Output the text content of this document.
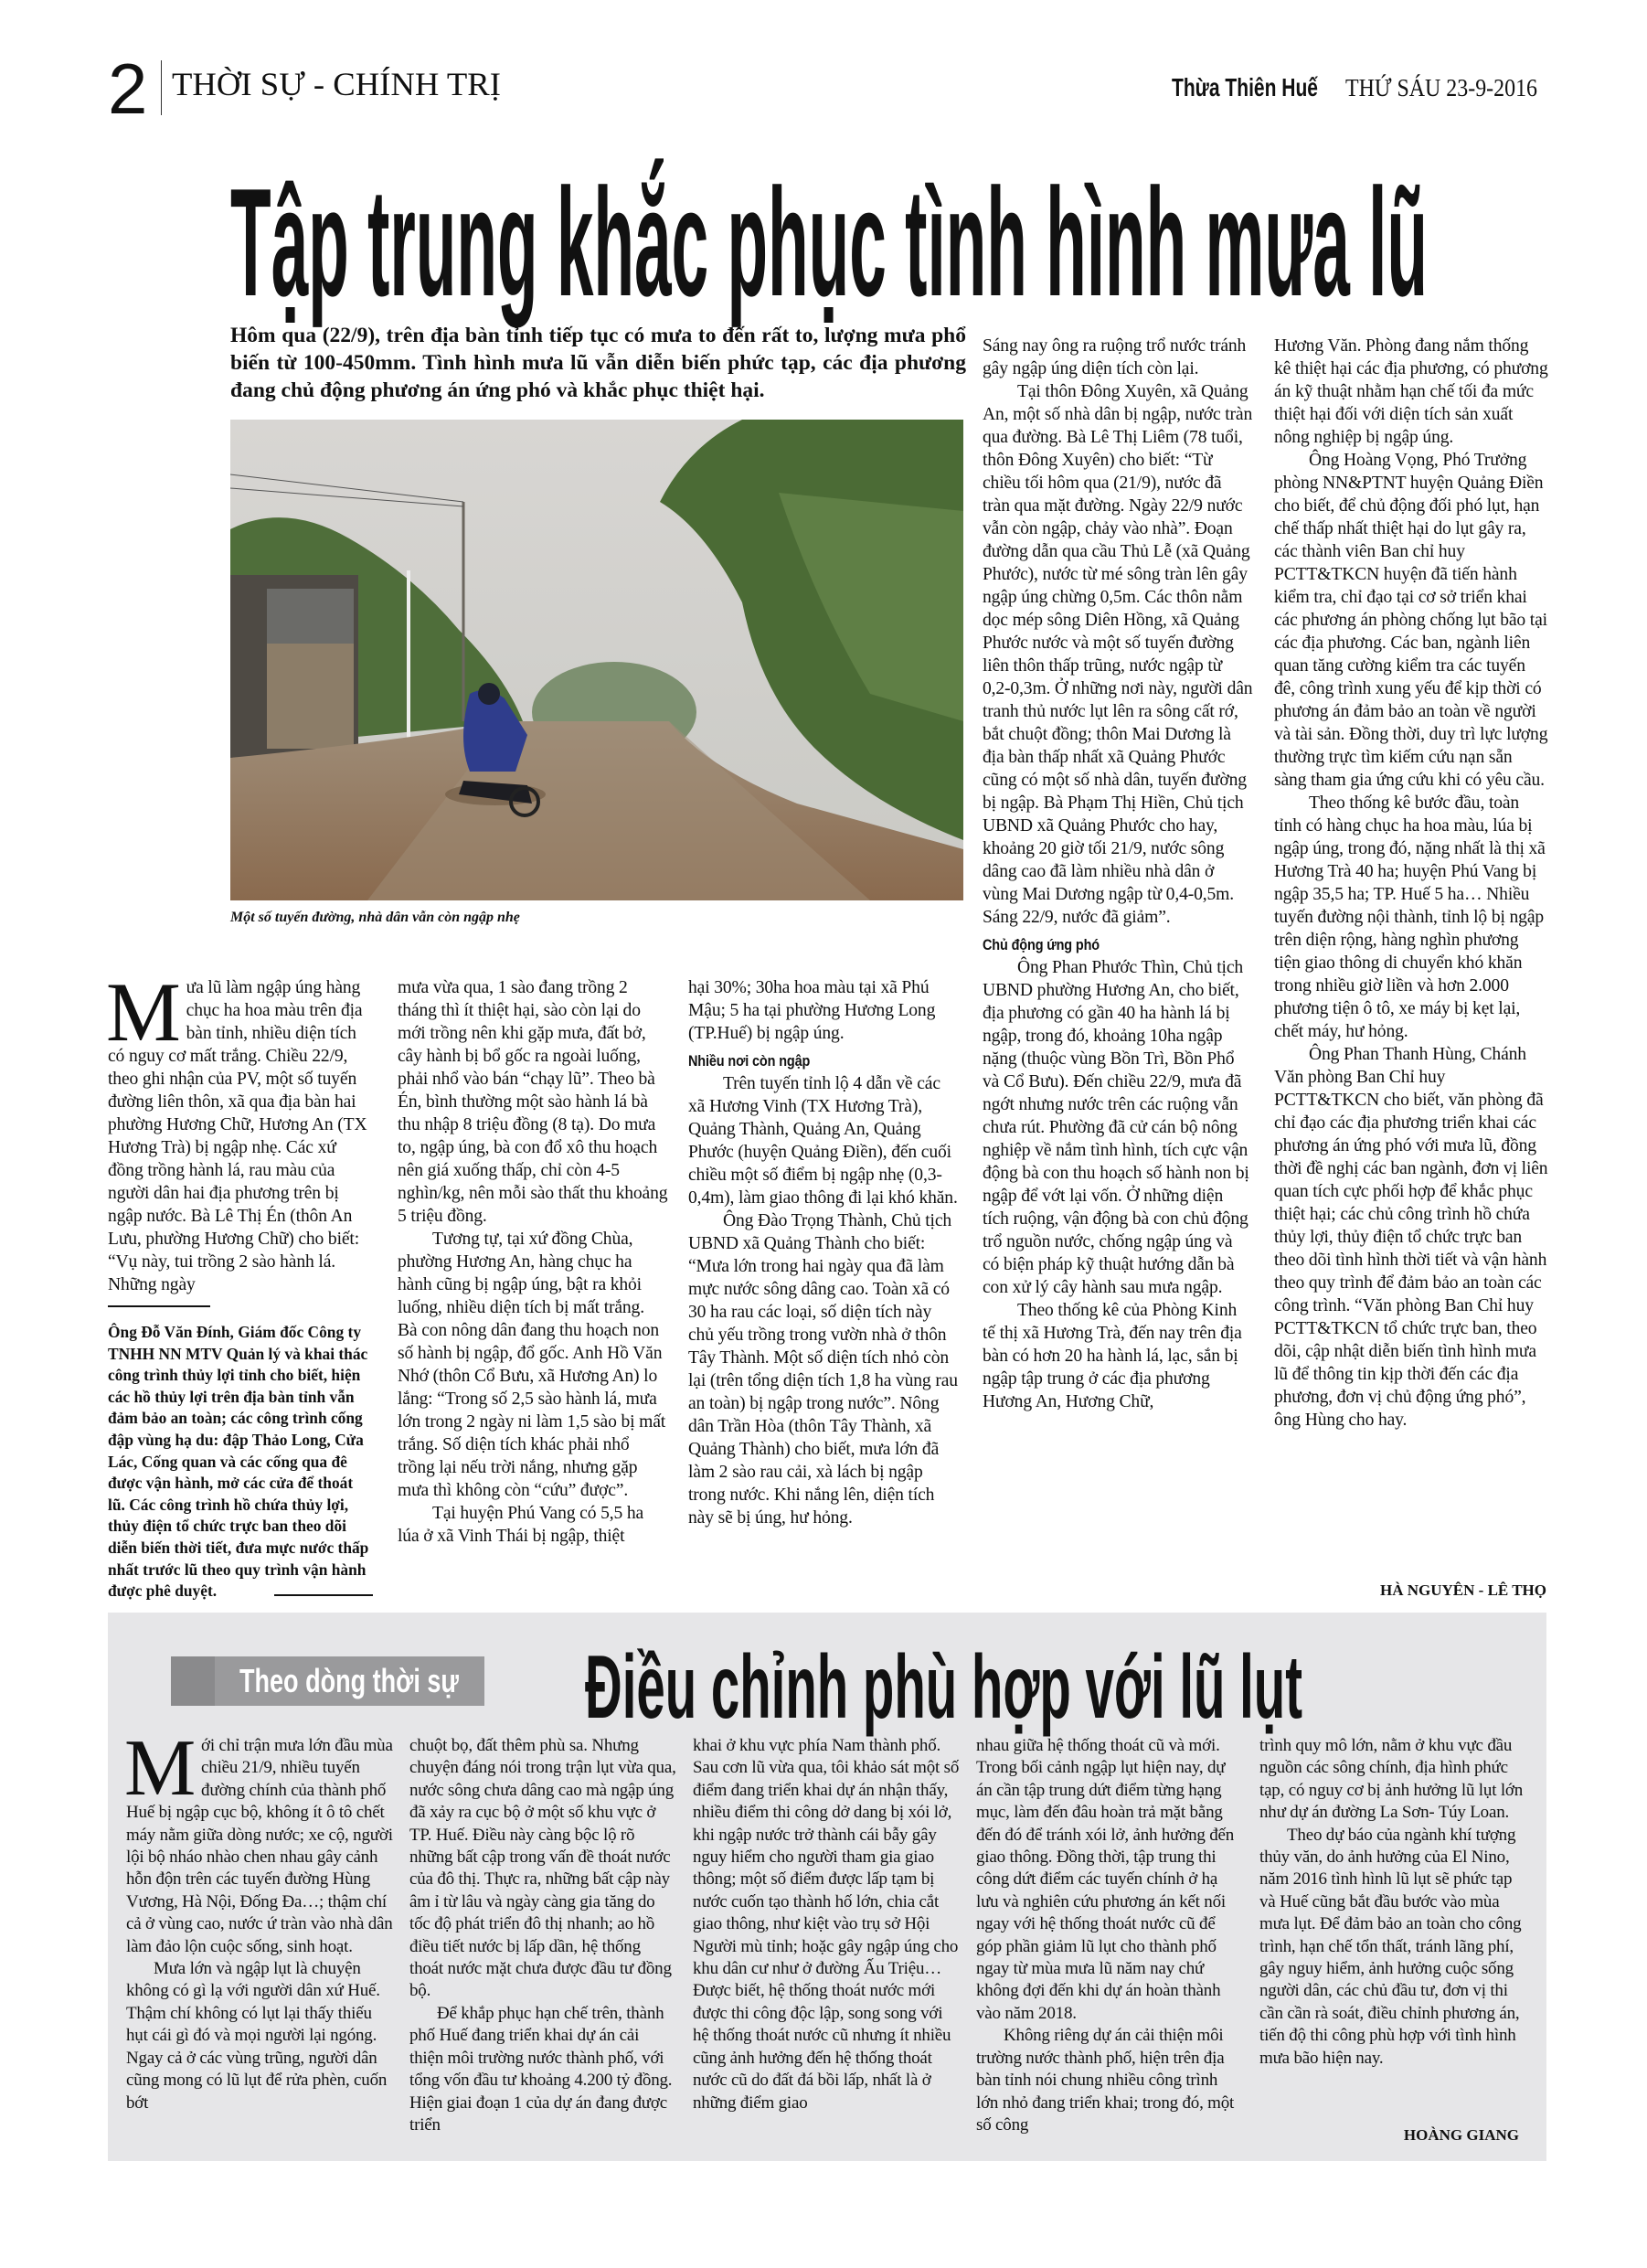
2 THỜI SỰ - CHÍNH TRỊ	Thừa Thiên Huế THỨ SÁU 23-9-2016
Tập trung khắc phục tình hình mưa lũ
Hôm qua (22/9), trên địa bàn tỉnh tiếp tục có mưa to đến rất to, lượng mưa phổ biến từ 100-450mm. Tình hình mưa lũ vẫn diễn biến phức tạp, các địa phương đang chủ động phương án ứng phó và khắc phục thiệt hại.
Một số tuyến đường, nhà dân vẫn còn ngập nhẹ

Mưa lũ làm ngập úng hàng chục ha hoa màu trên địa bàn tỉnh, nhiều diện tích có nguy cơ mất trắng. Chiều 22/9, theo ghi nhận của PV, một số tuyến đường liên thôn, xã qua địa bàn hai phường Hương Chữ, Hương An (TX Hương Trà) bị ngập nhẹ. Các xứ đồng trồng hành lá, rau màu của người dân hai địa phương trên bị ngập nước. Bà Lê Thị Én (thôn An Lưu, phường Hương Chữ) cho biết: “Vụ này, tui trồng 2 sào hành lá. Những ngày

Ông Đỗ Văn Đính, Giám đốc Công ty TNHH NN MTV Quản lý và khai thác công trình thủy lợi tỉnh cho biết, hiện các hồ thủy lợi trên địa bàn tỉnh vẫn đảm bảo an toàn; các công trình cống đập vùng hạ du: đập Thảo Long, Cửa Lác, Cống quan và các cống qua đê được vận hành, mở các cửa để thoát lũ. Các công trình hồ chứa thủy lợi, thủy điện tổ chức trực ban theo dõi diễn biến thời tiết, đưa mực nước thấp nhất trước lũ theo quy trình vận hành được phê duyệt.

mưa vừa qua, 1 sào đang trồng 2 tháng thì ít thiệt hại, sào còn lại do mới trồng nên khi gặp mưa, đất bở, cây hành bị bổ gốc ra ngoài luống, phải nhổ vào bán “chạy lũ”. Theo bà Én, bình thường một sào hành lá bà thu nhập 8 triệu đồng (8 tạ). Do mưa to, ngập úng, bà con đổ xô thu hoạch nên giá xuống thấp, chỉ còn 4-5 nghìn/kg, nên mỗi sào thất thu khoảng 5 triệu đồng.

Tương tự, tại xứ đồng Chùa, phường Hương An, hàng chục ha hành cũng bị ngập úng, bật ra khỏi luống, nhiều diện tích bị mất trắng. Bà con nông dân đang thu hoạch non số hành bị ngập, đổ gốc. Anh Hồ Văn Nhớ (thôn Cổ Bưu, xã Hương An) lo lắng: “Trong số 2,5 sào hành lá, mưa lớn trong 2 ngày ni làm 1,5 sào bị mất trắng. Số diện tích khác phải nhổ trồng lại nếu trời nắng, nhưng gặp mưa thì không còn “cứu” được”.

Tại huyện Phú Vang có 5,5 ha lúa ở xã Vinh Thái bị ngập, thiệt

hại 30%; 30ha hoa màu tại xã Phú Mậu; 5 ha tại phường Hương Long (TP.Huế) bị ngập úng.

Nhiều nơi còn ngập

Trên tuyến tỉnh lộ 4 dẫn về các xã Hương Vinh (TX Hương Trà), Quảng Thành, Quảng An, Quảng Phước (huyện Quảng Điền), đến cuối chiều một số điểm bị ngập nhẹ (0,3-0,4m), làm giao thông đi lại khó khăn.

Ông Đào Trọng Thành, Chủ tịch UBND xã Quảng Thành cho biết: “Mưa lớn trong hai ngày qua đã làm mực nước sông dâng cao. Toàn xã có 30 ha rau các loại, số diện tích này chủ yếu trồng trong vườn nhà ở thôn Tây Thành. Một số diện tích nhỏ còn lại (trên tổng diện tích 1,8 ha vùng rau an toàn) bị ngập trong nước”. Nông dân Trần Hòa (thôn Tây Thành, xã Quảng Thành) cho biết, mưa lớn đã làm 2 sào rau cải, xà lách bị ngập trong nước. Khi nắng lên, diện tích này sẽ bị úng, hư hỏng.

Sáng nay ông ra ruộng trổ nước tránh gây ngập úng diện tích còn lại.

Tại thôn Đông Xuyên, xã Quảng An, một số nhà dân bị ngập, nước tràn qua đường. Bà Lê Thị Liêm (78 tuổi, thôn Đông Xuyên) cho biết: “Từ chiều tối hôm qua (21/9), nước đã tràn qua mặt đường. Ngày 22/9 nước vẫn còn ngập, chảy vào nhà”. Đoạn đường dẫn qua cầu Thủ Lễ (xã Quảng Phước), nước từ mé sông tràn lên gây ngập úng chừng 0,5m. Các thôn nằm dọc mép sông Diên Hồng, xã Quảng Phước nước và một số tuyến đường liên thôn thấp trũng, nước ngập từ 0,2-0,3m. Ở những nơi này, người dân tranh thủ nước lụt lên ra sông cất rớ, bắt chuột đồng; thôn Mai Dương là địa bàn thấp nhất xã Quảng Phước cũng có một số nhà dân, tuyến đường bị ngập. Bà Phạm Thị Hiền, Chủ tịch UBND xã Quảng Phước cho hay, khoảng 20 giờ tối 21/9, nước sông dâng cao đã làm nhiều nhà dân ở vùng Mai Dương ngập từ 0,4-0,5m. Sáng 22/9, nước đã giảm”.

Chủ động ứng phó

Ông Phan Phước Thìn, Chủ tịch UBND phường Hương An, cho biết, địa phương có gần 40 ha hành lá bị ngập, trong đó, khoảng 10ha ngập nặng (thuộc vùng Bồn Trì, Bồn Phổ và Cổ Bưu). Đến chiều 22/9, mưa đã ngớt nhưng nước trên các ruộng vẫn chưa rút. Phường đã cử cán bộ nông nghiệp về nắm tình hình, tích cực vận động bà con thu hoạch số hành non bị ngập để vớt lại vốn. Ở những diện tích ruộng, vận động bà con chủ động trổ nguồn nước, chống ngập úng và có biện pháp kỹ thuật hướng dẫn bà con xử lý cây hành sau mưa ngập.

Theo thống kê của Phòng Kinh tế thị xã Hương Trà, đến nay trên địa bàn có hơn 20 ha hành lá, lạc, sắn bị ngập tập trung ở các địa phương Hương An, Hương Chữ,

Hương Văn. Phòng đang nắm thống kê thiệt hại các địa phương, có phương án kỹ thuật nhằm hạn chế tối đa mức thiệt hại đối với diện tích sản xuất nông nghiệp bị ngập úng.

Ông Hoàng Vọng, Phó Trưởng phòng NN&PTNT huyện Quảng Điền cho biết, để chủ động đối phó lụt, hạn chế thấp nhất thiệt hại do lụt gây ra, các thành viên Ban chỉ huy PCTT&TKCN huyện đã tiến hành kiểm tra, chỉ đạo tại cơ sở triển khai các phương án phòng chống lụt bão tại các địa phương. Các ban, ngành liên quan tăng cường kiểm tra các tuyến đê, công trình xung yếu để kịp thời có phương án đảm bảo an toàn về người và tài sản. Đồng thời, duy trì lực lượng thường trực tìm kiếm cứu nạn sẵn sàng tham gia ứng cứu khi có yêu cầu.

Theo thống kê bước đầu, toàn tỉnh có hàng chục ha hoa màu, lúa bị ngập úng, trong đó, nặng nhất là thị xã Hương Trà 40 ha; huyện Phú Vang bị ngập 35,5 ha; TP. Huế 5 ha… Nhiều tuyến đường nội thành, tỉnh lộ bị ngập trên diện rộng, hàng nghìn phương tiện giao thông di chuyển khó khăn trong nhiều giờ liền và hơn 2.000 phương tiện ô tô, xe máy bị kẹt lại, chết máy, hư hỏng.

Ông Phan Thanh Hùng, Chánh Văn phòng Ban Chỉ huy PCTT&TKCN cho biết, văn phòng đã chỉ đạo các địa phương triển khai các phương án ứng phó với mưa lũ, đồng thời đề nghị các ban ngành, đơn vị liên quan tích cực phối hợp để khắc phục thiệt hại; các chủ công trình hồ chứa thủy lợi, thủy điện tổ chức trực ban theo dõi tình hình thời tiết và vận hành theo quy trình để đảm bảo an toàn các công trình. “Văn phòng Ban Chỉ huy PCTT&TKCN tổ chức trực ban, theo dõi, cập nhật diễn biến tình hình mưa lũ để thông tin kịp thời đến các địa phương, đơn vị chủ động ứng phó”, ông Hùng cho hay.

HÀ NGUYÊN - LÊ THỌ
Theo dòng thời sự Điều chỉnh phù hợp với lũ lụt

Mới chỉ trận mưa lớn đầu mùa chiều 21/9, nhiều tuyến đường chính của thành phố Huế bị ngập cục bộ, không ít ô tô chết máy nằm giữa dòng nước; xe cộ, người lội bộ nháo nhào chen nhau gây cảnh hỗn độn trên các tuyến đường Hùng Vương, Hà Nội, Đống Đa…; thậm chí cả ở vùng cao, nước ứ tràn vào nhà dân làm đảo lộn cuộc sống, sinh hoạt.

Mưa lớn và ngập lụt là chuyện không có gì lạ với người dân xứ Huế. Thậm chí không có lụt lại thấy thiếu hụt cái gì đó và mọi người lại ngóng. Ngay cả ở các vùng trũng, người dân cũng mong có lũ lụt để rửa phèn, cuốn bớt

chuột bọ, đất thêm phù sa. Nhưng chuyện đáng nói trong trận lụt vừa qua, nước sông chưa dâng cao mà ngập úng đã xảy ra cục bộ ở một số khu vực ở TP. Huế. Điều này càng bộc lộ rõ những bất cập trong vấn đề thoát nước của đô thị. Thực ra, những bất cập này âm ỉ từ lâu và ngày càng gia tăng do tốc độ phát triển đô thị nhanh; ao hồ điều tiết nước bị lấp dần, hệ thống thoát nước mặt chưa được đầu tư đồng bộ.

Để khắp phục hạn chế trên, thành phố Huế đang triển khai dự án cải thiện môi trường nước thành phố, với tổng vốn đầu tư khoảng 4.200 tỷ đồng. Hiện giai đoạn 1 của dự án đang được triển

khai ở khu vực phía Nam thành phố. Sau cơn lũ vừa qua, tôi khảo sát một số điểm đang triển khai dự án nhận thấy, nhiều điểm thi công dở dang bị xói lở, khi ngập nước trở thành cái bẫy gây nguy hiểm cho người tham gia giao thông; một số điểm được lấp tạm bị nước cuốn tạo thành hố lớn, chia cắt giao thông, như kiệt vào trụ sở Hội Người mù tỉnh; hoặc gây ngập úng cho khu dân cư như ở đường Ấu Triệu… Được biết, hệ thống thoát nước mới được thi công độc lập, song song với hệ thống thoát nước cũ nhưng ít nhiều cũng ảnh hưởng đến hệ thống thoát nước cũ do đất đá bồi lấp, nhất là ở những điểm giao

nhau giữa hệ thống thoát cũ và mới. Trong bối cảnh ngập lụt hiện nay, dự án cần tập trung dứt điểm từng hạng mục, làm đến đâu hoàn trả mặt bằng đến đó để tránh xói lở, ảnh hưởng đến giao thông. Đồng thời, tập trung thi công dứt điểm các tuyến chính ở hạ lưu và nghiên cứu phương án kết nối ngay với hệ thống thoát nước cũ để góp phần giảm lũ lụt cho thành phố ngay từ mùa mưa lũ năm nay chứ không đợi đến khi dự án hoàn thành vào năm 2018.

Không riêng dự án cải thiện môi trường nước thành phố, hiện trên địa bàn tỉnh nói chung nhiều công trình lớn nhỏ đang triển khai; trong đó, một số công

trình quy mô lớn, nằm ở khu vực đầu nguồn các sông chính, địa hình phức tạp, có nguy cơ bị ảnh hưởng lũ lụt lớn như dự án đường La Sơn- Túy Loan.

Theo dự báo của ngành khí tượng thủy văn, do ảnh hưởng của El Nino, năm 2016 tình hình lũ lụt sẽ phức tạp và Huế cũng bắt đầu bước vào mùa mưa lụt. Để đảm bảo an toàn cho công trình, hạn chế tổn thất, tránh lãng phí, gây nguy hiểm, ảnh hưởng cuộc sống người dân, các chủ đầu tư, đơn vị thi cần cần rà soát, điều chỉnh phương án, tiến độ thi công phù hợp với tình hình mưa bão hiện nay.

HOÀNG GIANG
